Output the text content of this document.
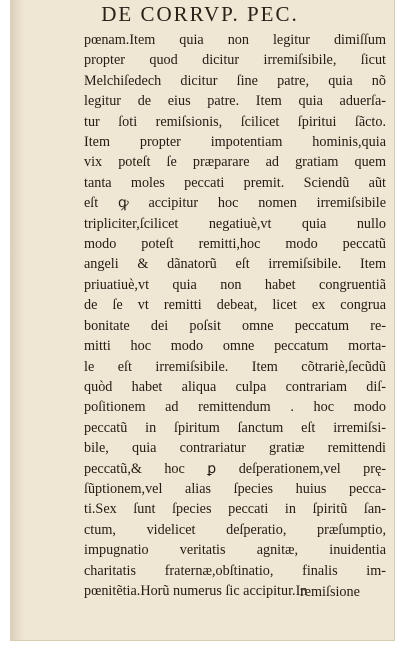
DE CORRVP. PEC.
pœnam.Item quia non legitur dimiſſum
propter quod dicitur irremiſsibile, ſicut
Melchiſedech dicitur ſine patre, quia nõ
legitur de eius patre. Item quia aduerſa-
tur ſoti remiſsionis, ſcilicet ſpiritui ſãcto.
Item propter impotentiam hominis,quia
vix poteſt ſe præparare ad gratiam quem
tanta moles peccati premit. Sciendũ aũt
eſt ꝙ accipitur hoc nomen irremiſsibile
tripliciter,ſcilicet negatiuè,vt quia nullo
modo poteſt remitti,hoc modo peccatũ
angeli & dãnatorũ eſt irremiſsibile. Item
priuatiuè,vt quia non habet congruentiã
de ſe vt remitti debeat, licet ex congrua
bonitate dei poſsit omne peccatum re-
mitti hoc modo omne peccatum morta-
le eſt irremiſsibile. Item cõtrariè,ſecũdũ
quòd habet aliqua culpa contrariam diſ-
poſitionem ad remittendum . hoc modo
peccatũ in ſpiritum ſanctum eſt irremiſsi-
bile, quia contrariatur gratiæ remittendi
peccatũ,& hoc ꝑ deſperationem,vel prę-
ſũptionem,vel alias ſpecies huius pecca-
ti.Sex ſunt ſpecies peccati in ſpiritũ ſan-
ctum, videlicet deſperatio, præſumptio,
impugnatio veritatis agnitæ, inuidentia
charitatis fraternæ,obſtinatio, finalis im-
pœnitẽtia.Horũ numerus ſic accipitur.In
remiſsione
